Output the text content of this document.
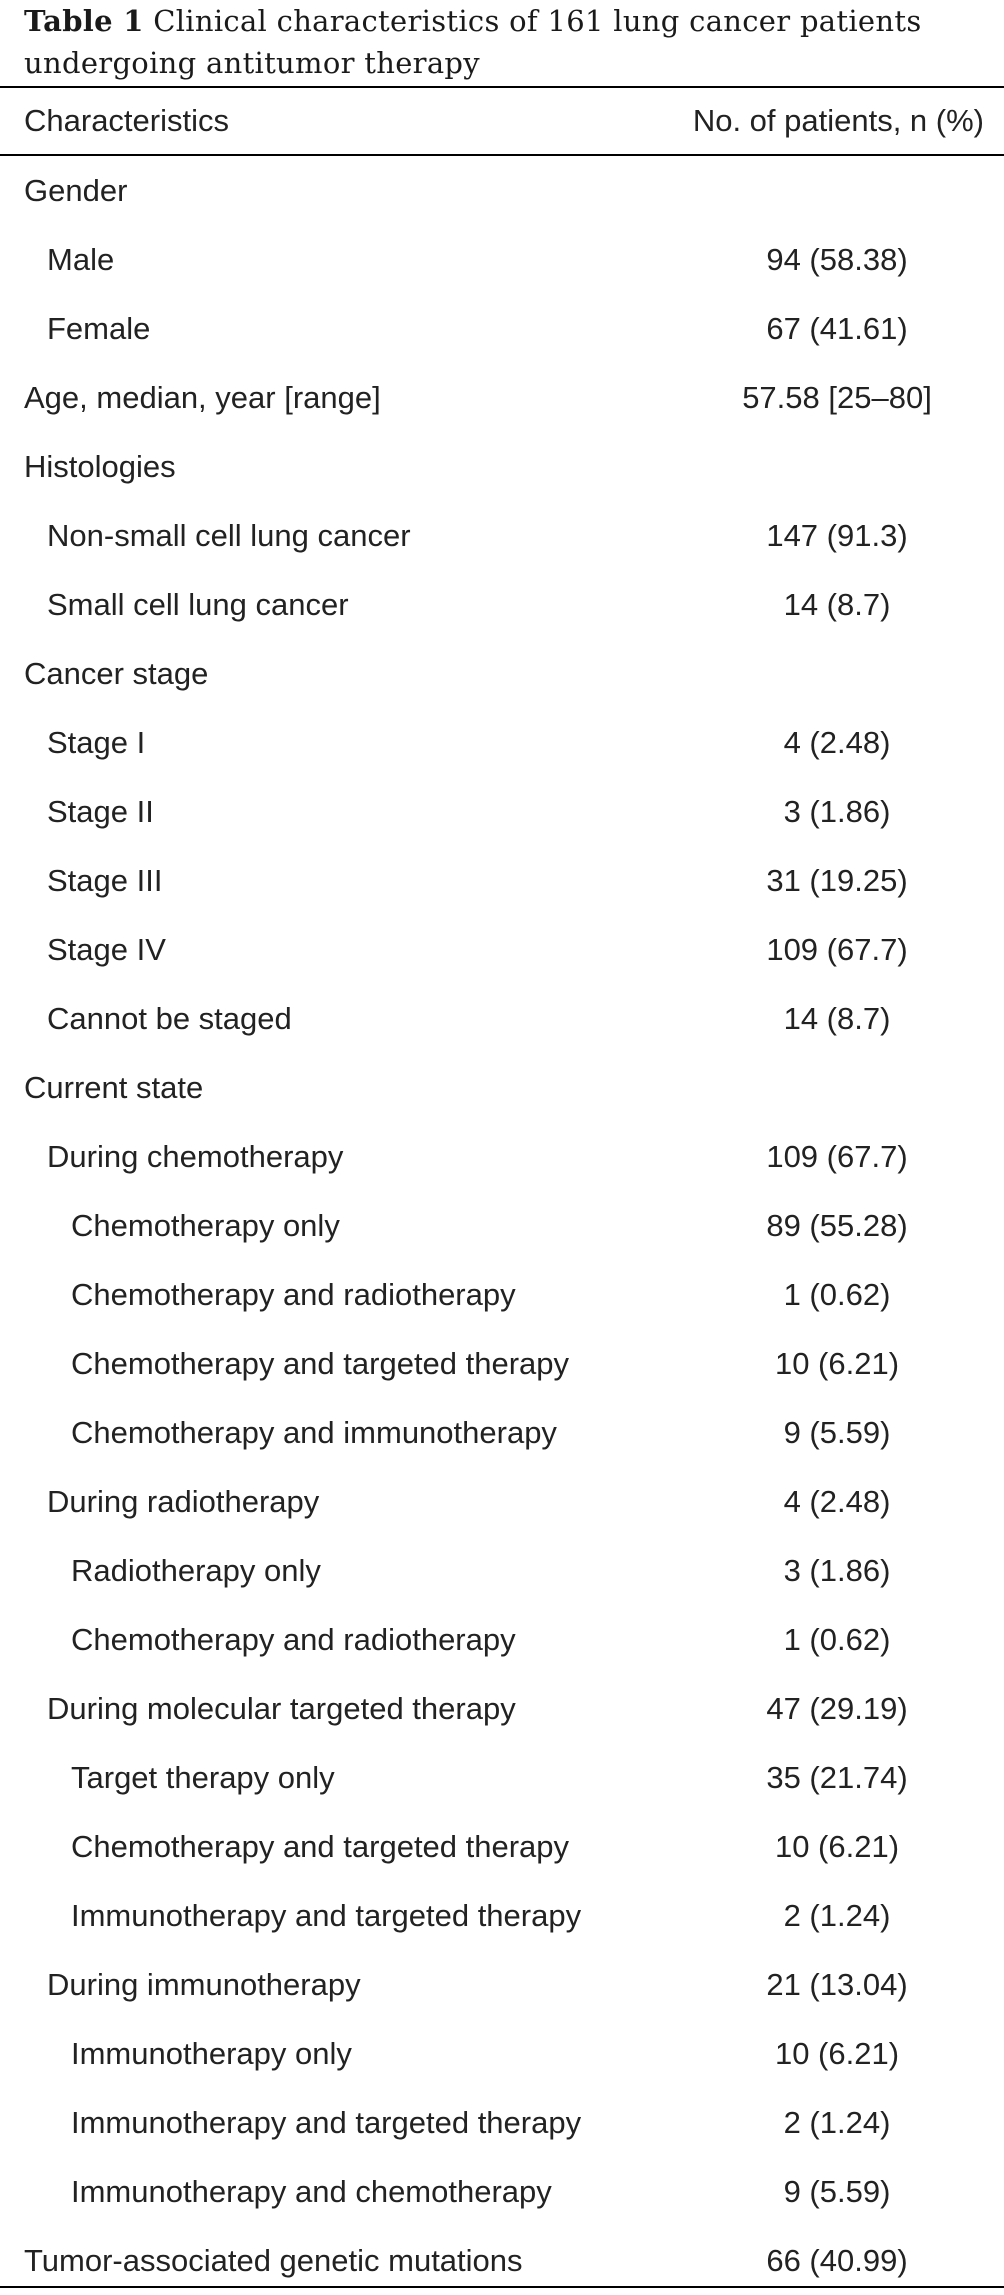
Table 1 Clinical characteristics of 161 lung cancer patients
undergoing antitumor therapy
Characteristics	No. of patients, n (%)
Gender
Male	94 (58.38)
Female	67 (41.61)
Age, median, year [range]	57.58 [25–80]
Histologies
Non-small cell lung cancer	147 (91.3)
Small cell lung cancer	14 (8.7)
Cancer stage
Stage I	4 (2.48)
Stage II	3 (1.86)
Stage III	31 (19.25)
Stage IV	109 (67.7)
Cannot be staged	14 (8.7)
Current state
During chemotherapy	109 (67.7)
Chemotherapy only	89 (55.28)
Chemotherapy and radiotherapy	1 (0.62)
Chemotherapy and targeted therapy	10 (6.21)
Chemotherapy and immunotherapy	9 (5.59)
During radiotherapy	4 (2.48)
Radiotherapy only	3 (1.86)
Chemotherapy and radiotherapy	1 (0.62)
During molecular targeted therapy	47 (29.19)
Target therapy only	35 (21.74)
Chemotherapy and targeted therapy	10 (6.21)
Immunotherapy and targeted therapy	2 (1.24)
During immunotherapy	21 (13.04)
Immunotherapy only	10 (6.21)
Immunotherapy and targeted therapy	2 (1.24)
Immunotherapy and chemotherapy	9 (5.59)
Tumor-associated genetic mutations	66 (40.99)
